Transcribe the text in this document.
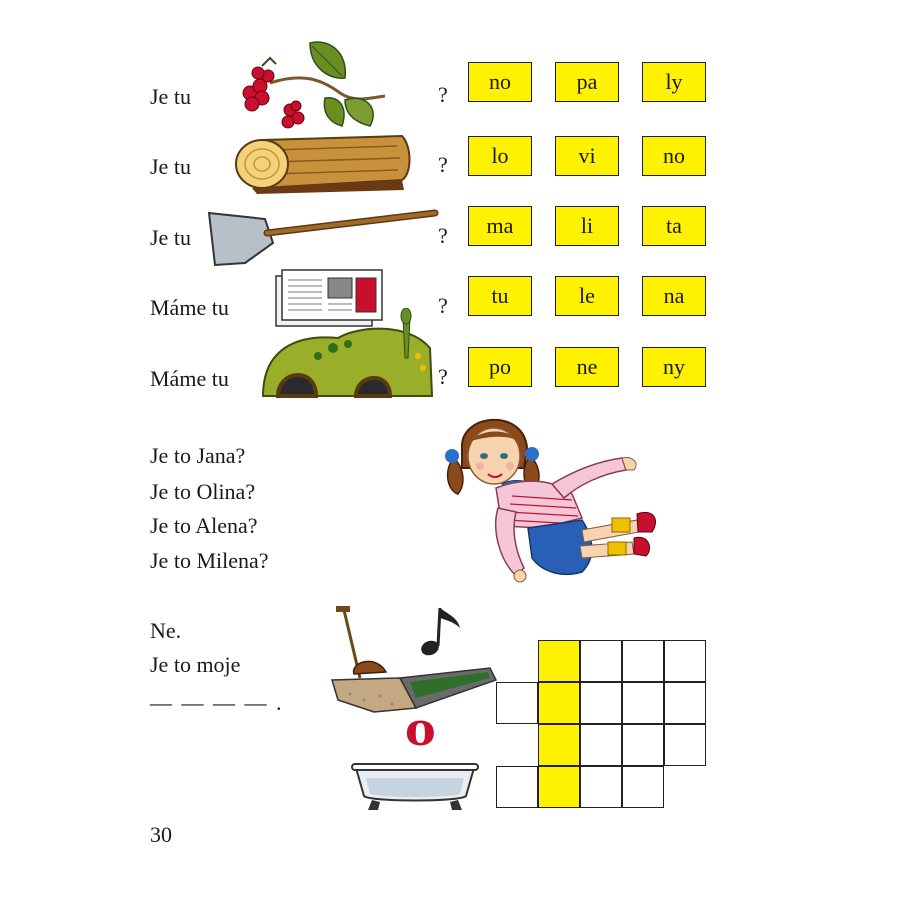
Je tu
Je tu
Je tu
Máme tu
Máme tu
?
?
?
?
?
no	pa	ly
lo	vi	no
ma	li	ta
tu	le	na
po	ne	ny
Je to Jana?
Je to Olina?
Je to Alena?
Je to Milena?
Ne.
Je to moje
— — — — .	o
30
